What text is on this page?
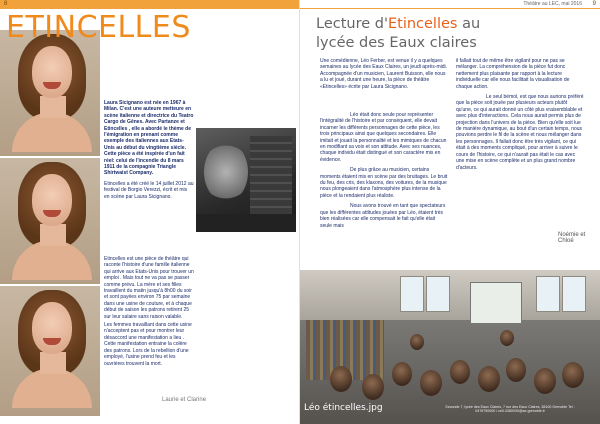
8
ETINCELLES

Laura Sicignano est née en 1967 à Milan. C'est une auteure metteure en scène italienne et directrice du Teatro Cargo de Gênes. Avec Partanze et Etincelles , elle a abordé le thème de l'émigration en prenant comme exemple des italiennes aux Etats-Unis au début du vingtième siècle. Cette pièce a été inspirée d'un fait réel: celui de l'incendie du 8 mars 1911 de la compagnie Triangle Shirtwaist Company.

Etincelles a été créé le 14 juillet 2012 au festival de Borgio Verezzi, écrit et mis en scène par Laura Sicignano.

Etincelles est une pièce de théâtre qui raconte l'histoire d'une famille italienne qui arrive aux Etats-Unis pour trouver un emploi . Mais tout ne va pas se passer comme prévu. La mère et ses filles travaillent du matin jusqu'à 8h00 du soir et sont payées environ 75 par semaine dans une usine de couture, et à chaque début de saison les patrons retirent 25 sur leur salaire sans raison valable.

Les femmes travaillant dans cette usine n'acceptent pas et pour montrer leur désaccord une manifestation a lieu . Cette manifestation entraine la colère des patrons. Lors de la rebellion d'une employé, l'usine prend feu et les ouvrières trouvent la mort.

Laurie et Clarine
Théâtre au LEC, mai 2016 9
Lecture d'Etincelles au lycée des Eaux claires
Une comédienne, Léo Ferber, est venue il y a quelques semaines au lycée des Eaux Claires, un jeudi après-midi. Accompagnée d'un musicien, Laurent Buisson, elle nous a lu et joué, durant une heure, la pièce de théâtre «Etincelles» écrite par Laura Sicignano.

Léo était donc seule pour représenter l'intégralité de l'histoire et par conséquent, elle devait incarner les différents personnages de cette pièce, les trois principaux ainsi que quelques secondaires. Elle imitait et jouait la personnalité et les mimiques de chacun en modifiant sa voix et son attitude. Avec ses nuances, chaque individu était distingué et son caractère mis en évidence.

De plus grâce au musicien, certains moments étaient mis en scène par des bruitages. Le bruit du feu, des cris, des klaxons, des voitures, de la musique nous plongeaient dans l'atmosphère plus intense de la pièce et la rendaient plus réaliste.

Nous avons trouvé en tant que spectateurs que les différentes attitudes jouées par Léo, étaient très bien réalisées car elle compensait le fait qu'elle était seule mais

il fallait tout de même être vigilant pour ne pas se mélanger. La compréhension de la pièce fut donc nettement plus plaisante par rapport à la lecture individuelle car elle nous facilitait la visualisation de chaque action.

Le seul bémol, est que nous aurions préféré que la pièce soit jouée par plusieurs acteurs plutôt qu'une, ce qui aurait donné un côté plus vraisemblable et avec plus d'interactions. Cela nous aurait permis plus de projection dans l'univers de la pièce. Bien qu'elle soit lue de manière dynamique, au bout d'un certain temps, nous pouvions perdre le fil de la scène et nous mélanger dans les personnages. Il fallait donc être très vigilant, ce qui était à des moments compliqué, pour arriver à suivre le cours de l'histoire, ce qui n'aurait pas était le cas avec une mise en scène complète et un plus grand nombre d'acteurs.

Noémie et Chloé
Léo étincelles.jpg	Seconde 7, lycée des Eaux Claires, 7 rue des Eaux Claires, 38100 Grenoble Tel : 0476750000 / ce0.0380030@ac-grenoble.fr
